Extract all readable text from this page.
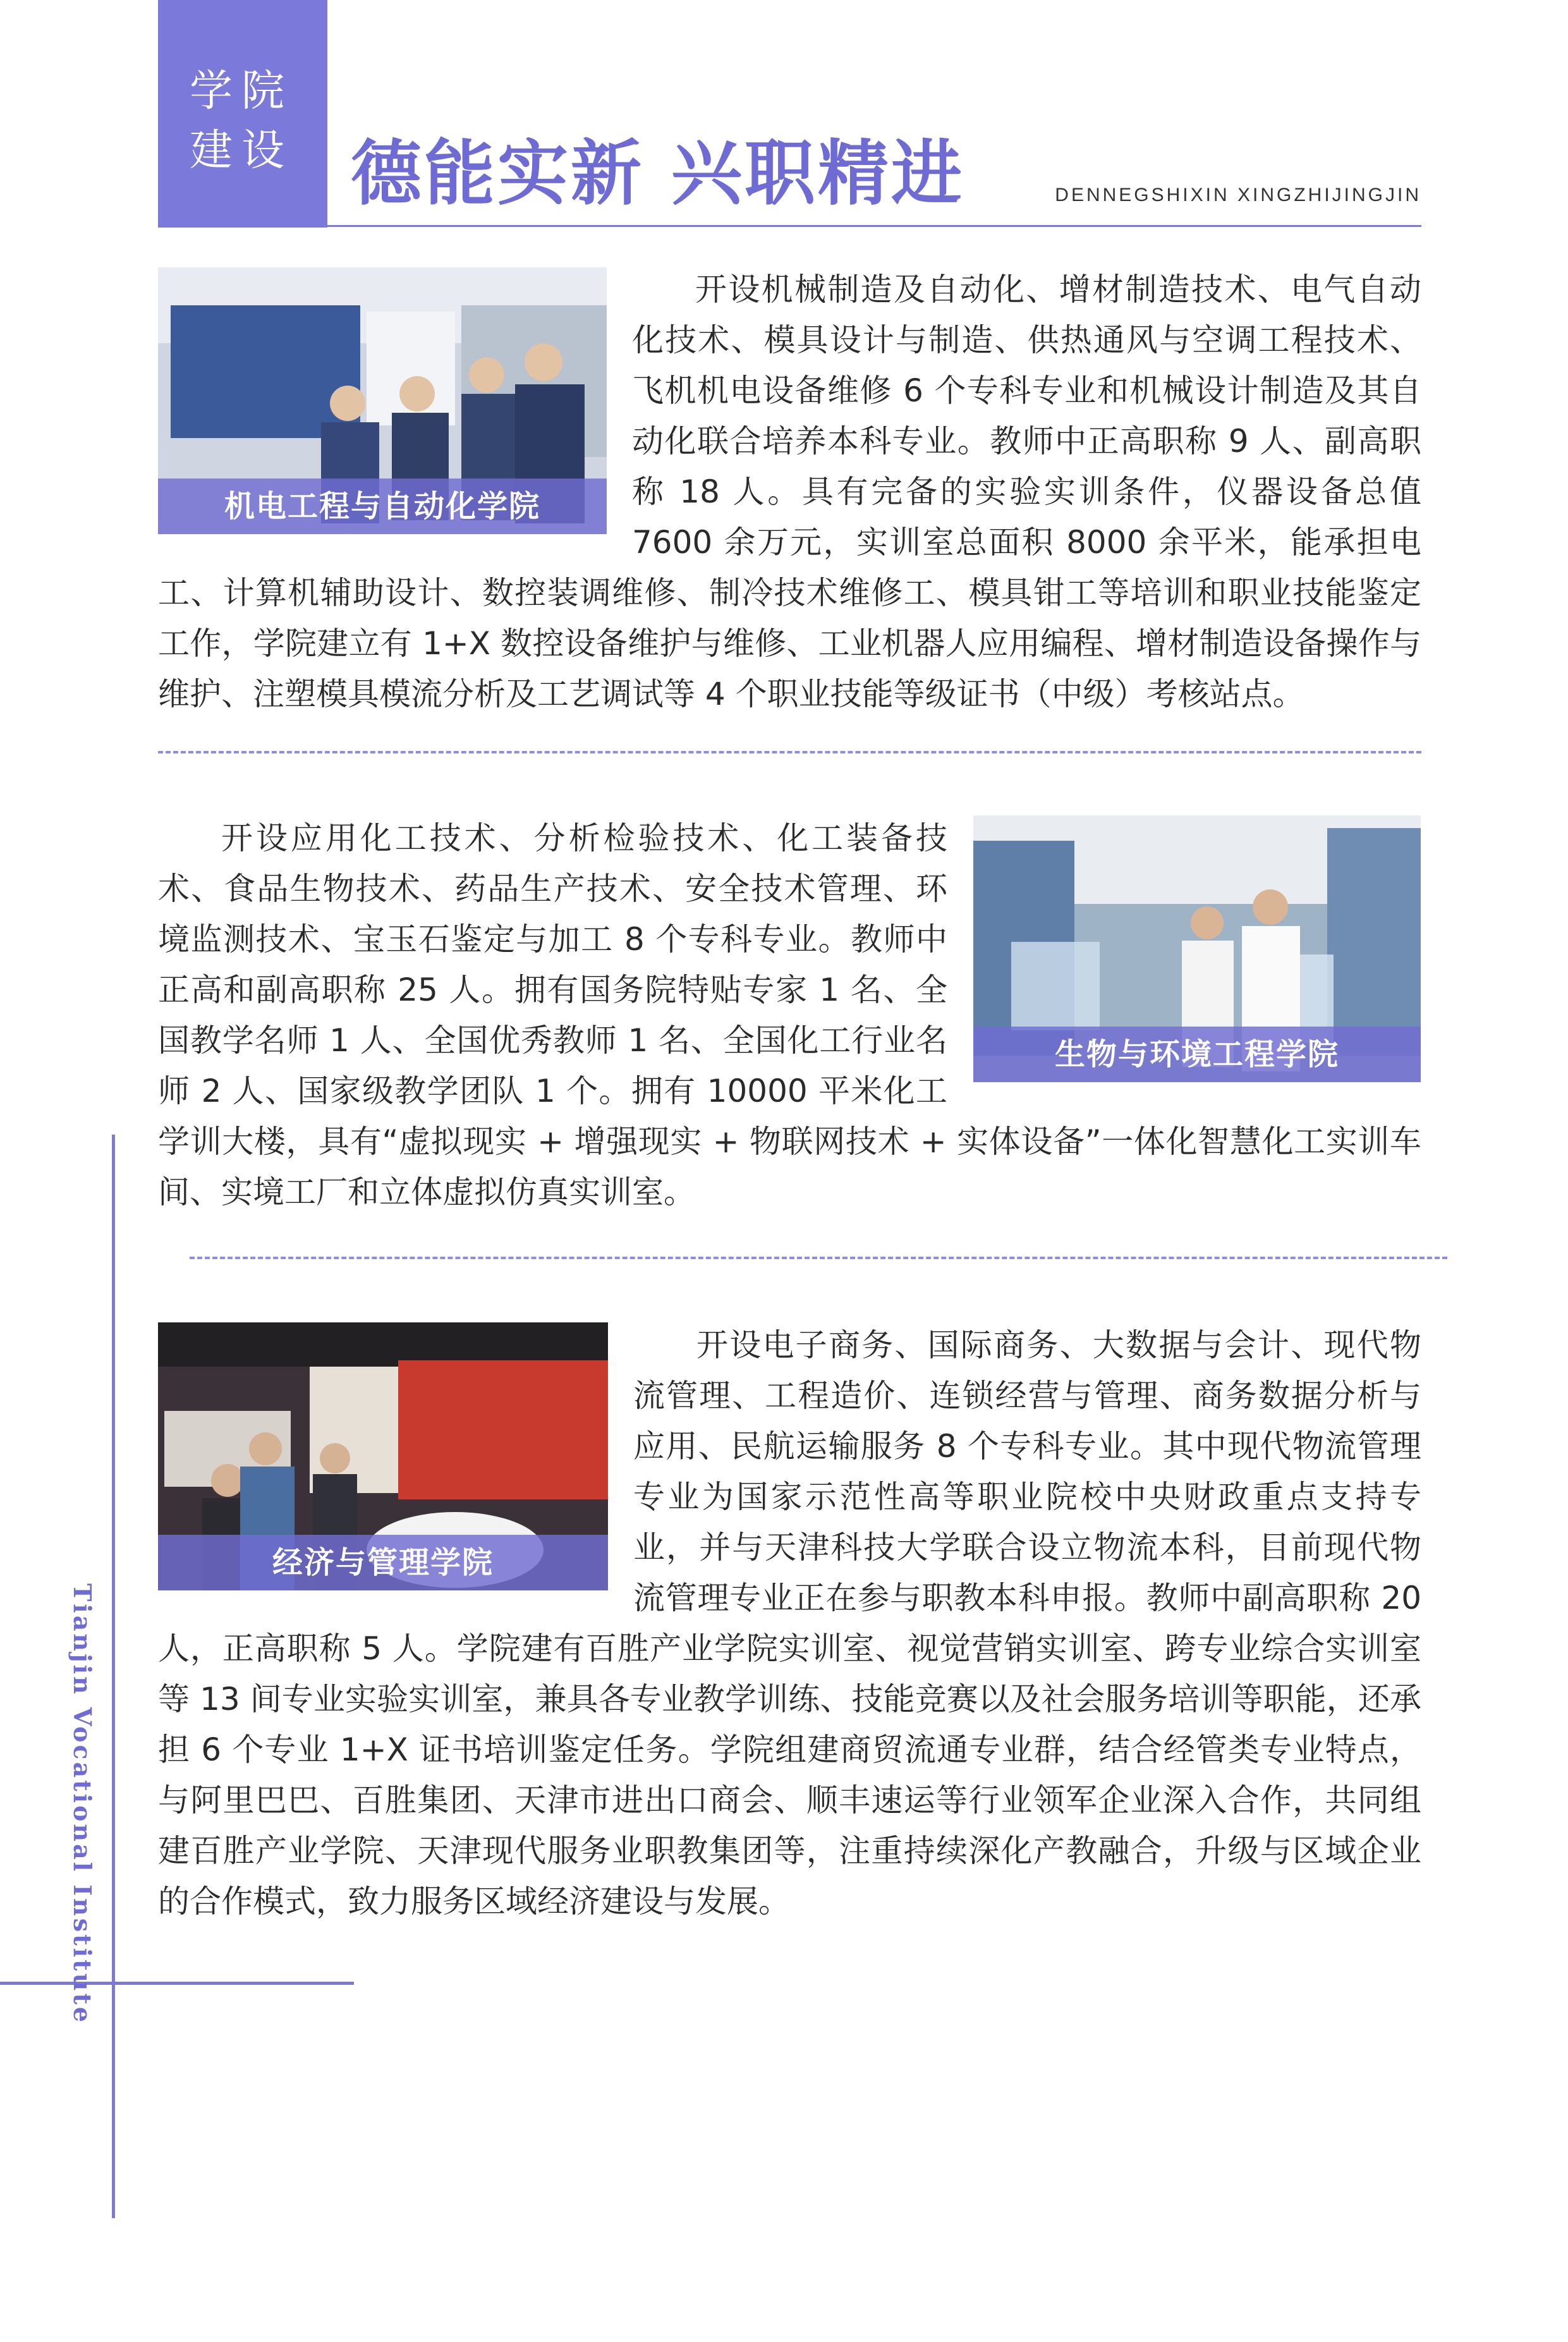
学院
建设 德能实新 兴职精进	DENNEGSHIXIN XINGZHIJINGJIN
机电工程与自动化学院

开设机械制造及自动化、增材制造技术、电气自动化技术、模具设计与制造、供热通风与空调工程技术、飞机机电设备维修 6 个专科专业和机械设计制造及其自动化联合培养本科专业。教师中正高职称 9 人、副高职称 18 人。具有完备的实验实训条件，仪器设备总值 7600 余万元，实训室总面积 8000 余平米，能承担电工、计算机辅助设计、数控装调维修、制冷技术维修工、模具钳工等培训和职业技能鉴定工作，学院建立有 1+X 数控设备维护与维修、工业机器人应用编程、增材制造设备操作与维护、注塑模具模流分析及工艺调试等 4 个职业技能等级证书（中级）考核站点。

生物与环境工程学院

开设应用化工技术、分析检验技术、化工装备技术、食品生物技术、药品生产技术、安全技术管理、环境监测技术、宝玉石鉴定与加工 8 个专科专业。教师中正高和副高职称 25 人。拥有国务院特贴专家 1 名、全国教学名师 1 人、全国优秀教师 1 名、全国化工行业名师 2 人、国家级教学团队 1 个。拥有 10000 平米化工学训大楼，具有“虚拟现实 + 增强现实 + 物联网技术 + 实体设备”一体化智慧化工实训车间、实境工厂和立体虚拟仿真实训室。

经济与管理学院

开设电子商务、国际商务、大数据与会计、现代物流管理、工程造价、连锁经营与管理、商务数据分析与应用、民航运输服务 8 个专科专业。其中现代物流管理专业为国家示范性高等职业院校中央财政重点支持专业，并与天津科技大学联合设立物流本科，目前现代物流管理专业正在参与职教本科申报。教师中副高职称 20 人，正高职称 5 人。学院建有百胜产业学院实训室、视觉营销实训室、跨专业综合实训室等 13 间专业实验实训室，兼具各专业教学训练、技能竞赛以及社会服务培训等职能，还承担 6 个专业 1+X 证书培训鉴定任务。学院组建商贸流通专业群，结合经管类专业特点，与阿里巴巴、百胜集团、天津市进出口商会、顺丰速运等行业领军企业深入合作，共同组建百胜产业学院、天津现代服务业职教集团等，注重持续深化产教融合，升级与区域企业的合作模式，致力服务区域经济建设与发展。

Tianjin Vocational Institute
